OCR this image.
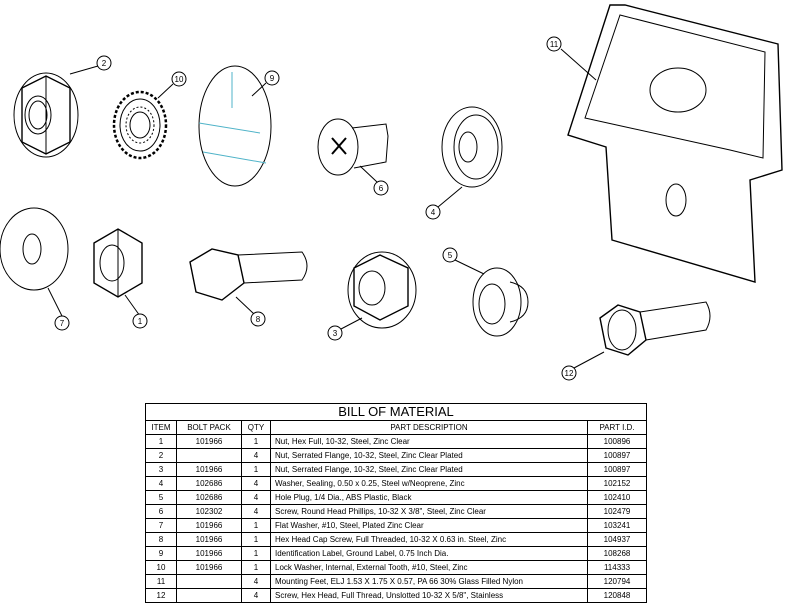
1
2
3
4
5
6
7	8
9
10
11
12
BILL OF MATERIAL
ITEM	BOLT PACK	QTY	PART DESCRIPTION	PART I.D.
1	101966	1	Nut, Hex Full, 10-32, Steel, Zinc Clear	100896
2		4	Nut, Serrated Flange, 10-32, Steel, Zinc Clear Plated	100897
3	101966	1	Nut, Serrated Flange, 10-32, Steel, Zinc Clear Plated	100897
4	102686	4	Washer, Sealing, 0.50 x 0.25, Steel w/Neoprene, Zinc	102152
5	102686	4	Hole Plug, 1/4 Dia., ABS Plastic, Black	102410
6	102302	4	Screw, Round Head Phillips, 10-32 X 3/8", Steel, Zinc Clear	102479
7	101966	1	Flat Washer, #10, Steel, Plated Zinc Clear	103241
8	101966	1	Hex Head Cap Screw, Full Threaded, 10-32 X 0.63 in. Steel, Zinc	104937
9	101966	1	Identification Label, Ground Label, 0.75 Inch Dia.	108268
10	101966	1	Lock Washer, Internal, External Tooth, #10, Steel, Zinc	114333
11		4	Mounting Feet, ELJ 1.53 X 1.75 X 0.57, PA 66 30% Glass Filled Nylon	120794
12		4	Screw, Hex Head, Full Thread, Unslotted 10-32 X 5/8", Stainless	120848
